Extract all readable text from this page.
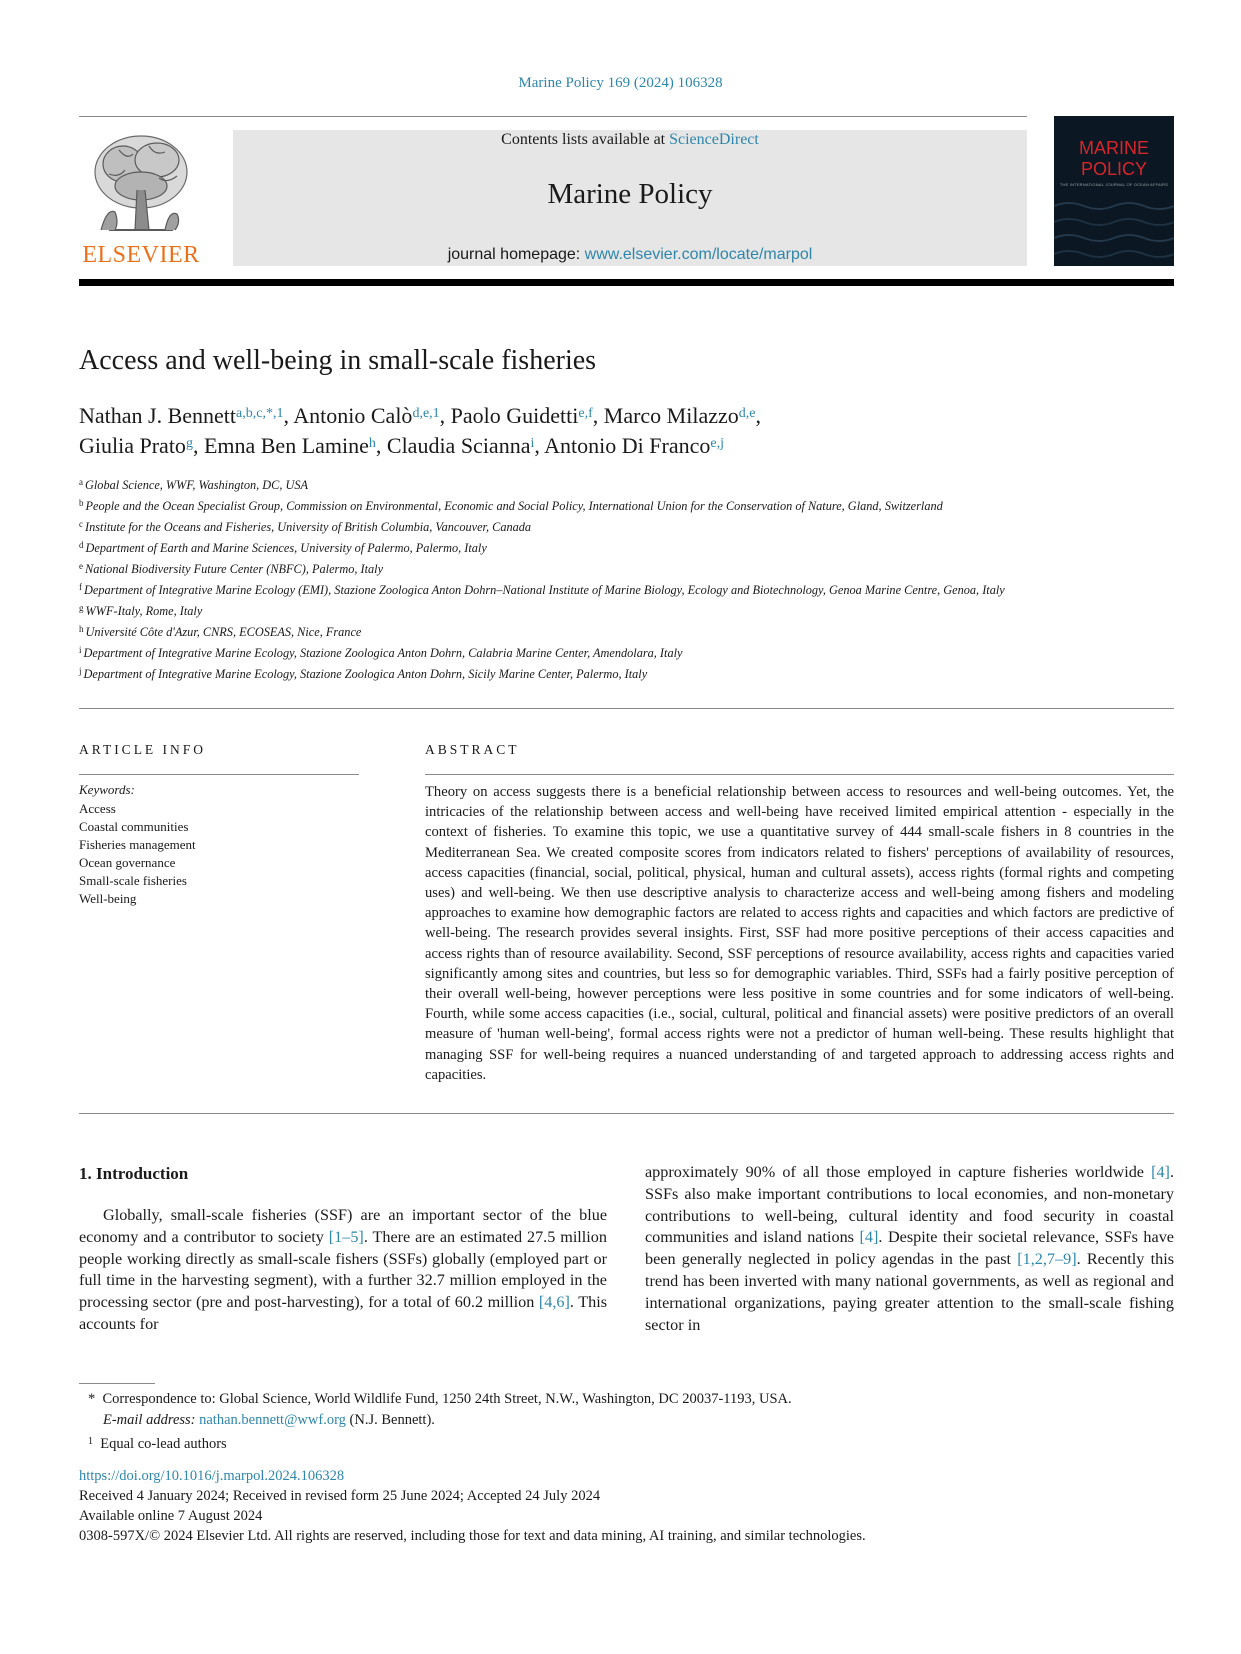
Marine Policy 169 (2024) 106328
ELSEVIER
Contents lists available at ScienceDirect
Marine Policy
journal homepage: www.elsevier.com/locate/marpol
MARINE
POLICY
THE INTERNATIONAL JOURNAL OF OCEAN AFFAIRS
Access and well-being in small-scale fisheries
Nathan J. Bennett$^{a,b,c,*,1}$, Antonio Calò$^{d,e,1}$, Paolo Guidetti$^{e,f}$, Marco Milazzo$^{d,e}$,
Giulia Prato$^g$, Emna Ben Lamine$^h$, Claudia Scianna$^i$, Antonio Di Franco$^{e,j}$
$^a$ Global Science, WWF, Washington, DC, USA
$^b$ People and the Ocean Specialist Group, Commission on Environmental, Economic and Social Policy, International Union for the Conservation of Nature, Gland, Switzerland
$^c$ Institute for the Oceans and Fisheries, University of British Columbia, Vancouver, Canada
$^d$ Department of Earth and Marine Sciences, University of Palermo, Palermo, Italy
$^e$ National Biodiversity Future Center (NBFC), Palermo, Italy
$^f$ Department of Integrative Marine Ecology (EMI), Stazione Zoologica Anton Dohrn–National Institute of Marine Biology, Ecology and Biotechnology, Genoa Marine Centre, Genoa, Italy
$^g$ WWF-Italy, Rome, Italy
$^h$ Université Côte d'Azur, CNRS, ECOSEAS, Nice, France
$^i$ Department of Integrative Marine Ecology, Stazione Zoologica Anton Dohrn, Calabria Marine Center, Amendolara, Italy
$^j$ Department of Integrative Marine Ecology, Stazione Zoologica Anton Dohrn, Sicily Marine Center, Palermo, Italy
ARTICLE INFO
Keywords:
Access
Coastal communities
Fisheries management
Ocean governance
Small-scale fisheries
Well-being
ABSTRACT
Theory on access suggests there is a beneficial relationship between access to resources and well-being outcomes. Yet, the intricacies of the relationship between access and well-being have received limited empirical attention - especially in the context of fisheries. To examine this topic, we use a quantitative survey of 444 small-scale fishers in 8 countries in the Mediterranean Sea. We created composite scores from indicators related to fishers' perceptions of availability of resources, access capacities (financial, social, political, physical, human and cultural assets), access rights (formal rights and competing uses) and well-being. We then use descriptive analysis to characterize access and well-being among fishers and modeling approaches to examine how demographic factors are related to access rights and capacities and which factors are predictive of well-being. The research provides several insights. First, SSF had more positive perceptions of their access capacities and access rights than of resource availability. Second, SSF perceptions of resource availability, access rights and capacities varied significantly among sites and countries, but less so for demographic variables. Third, SSFs had a fairly positive perception of their overall well-being, however perceptions were less positive in some countries and for some indicators of well-being. Fourth, while some access capacities (i.e., social, cultural, political and financial assets) were positive predictors of an overall measure of 'human well-being', formal access rights were not a predictor of human well-being. These results highlight that managing SSF for well-being requires a nuanced understanding of and targeted approach to addressing access rights and capacities.
1. Introduction

Globally, small-scale fisheries (SSF) are an important sector of the blue economy and a contributor to society [1–5]. There are an estimated 27.5 million people working directly as small-scale fishers (SSFs) globally (employed part or full time in the harvesting segment), with a further 32.7 million employed in the processing sector (pre and post-harvesting), for a total of 60.2 million [4,6]. This accounts for

approximately 90% of all those employed in capture fisheries worldwide [4]. SSFs also make important contributions to local economies, and non-monetary contributions to well-being, cultural identity and food security in coastal communities and island nations [4]. Despite their societal relevance, SSFs have been generally neglected in policy agendas in the past [1,2,7–9]. Recently this trend has been inverted with many national governments, as well as regional and international organizations, paying greater attention to the small-scale fishing sector in

* Correspondence to: Global Science, World Wildlife Fund, 1250 24th Street, N.W., Washington, DC 20037-1193, USA.
E-mail address: nathan.bennett@wwf.org (N.J. Bennett).
$^1$ Equal co-lead authors
https://doi.org/10.1016/j.marpol.2024.106328
Received 4 January 2024; Received in revised form 25 June 2024; Accepted 24 July 2024
Available online 7 August 2024
0308-597X/© 2024 Elsevier Ltd. All rights are reserved, including those for text and data mining, AI training, and similar technologies.
